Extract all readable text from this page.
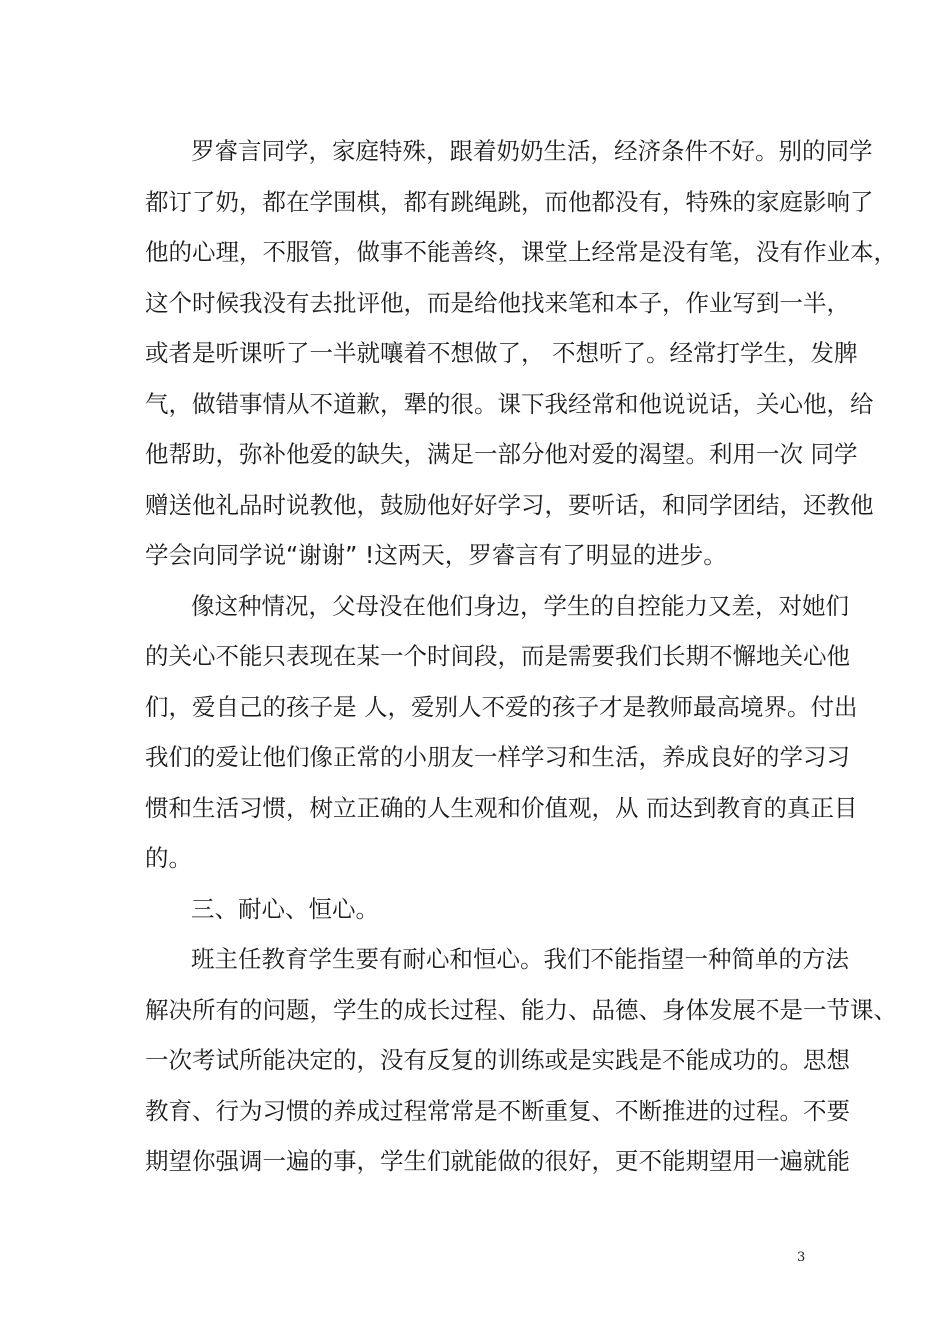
罗睿言同学，家庭特殊，跟着奶奶生活，经济条件不好。别的同学
都订了奶，都在学围棋，都有跳绳跳，而他都没有，特殊的家庭影响了
他的心理，不服管，做事不能善终，课堂上经常是没有笔，没有作业本，
这个时候我没有去批评他，而是给他找来笔和本子，作业写到一半，
或者是听课听了一半就嚷着不想做了， 不想听了。经常打学生，发脾
气，做错事情从不道歉，犟的很。课下我经常和他说说话，关心他，给
他帮助，弥补他爱的缺失，满足一部分他对爱的渴望。利用一次 同学
赠送他礼品时说教他，鼓励他好好学习，要听话，和同学团结，还教他
学会向同学说“谢谢” !这两天，罗睿言有了明显的进步。
像这种情况，父母没在他们身边，学生的自控能力又差，对她们
的关心不能只表现在某一个时间段，而是需要我们长期不懈地关心他
们，爱自己的孩子是 人，爱别人不爱的孩子才是教师最高境界。付出
我们的爱让他们像正常的小朋友一样学习和生活，养成良好的学习习
惯和生活习惯，树立正确的人生观和价值观，从 而达到教育的真正目
的。
三、耐心、恒心。
班主任教育学生要有耐心和恒心。我们不能指望一种简单的方法
解决所有的问题，学生的成长过程、能力、品德、身体发展不是一节课、
一次考试所能决定的，没有反复的训练或是实践是不能成功的。思想
教育、行为习惯的养成过程常常是不断重复、不断推进的过程。不要
期望你强调一遍的事，学生们就能做的很好，更不能期望用一遍就能
3
